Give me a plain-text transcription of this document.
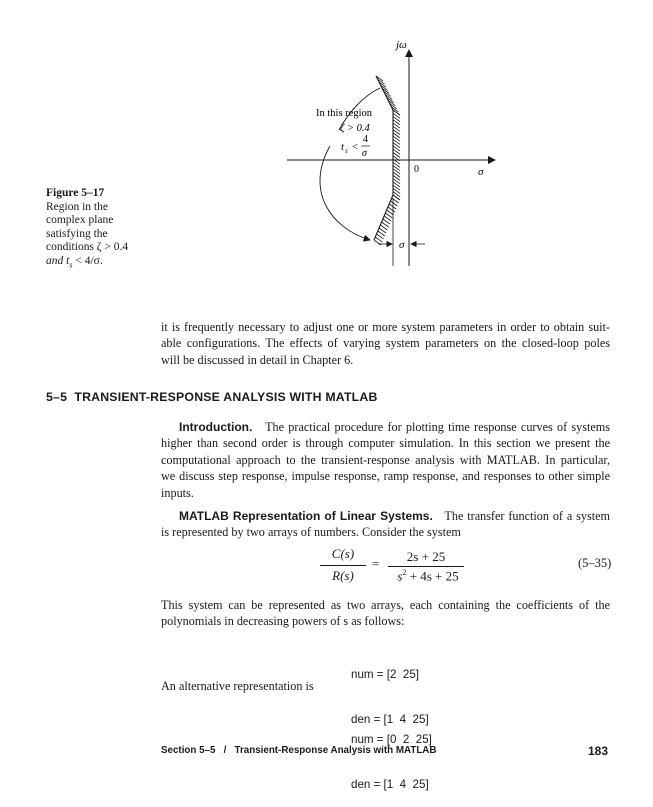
jω
σ
0
In this region
ζ > 0.4
t s <
4
σ
σ
Figure 5–17
Region in the
complex plane
satisfying the
conditions ζ > 0.4
and $t_s < 4/\sigma$.
it is frequently necessary to adjust one or more system parameters in order to obtain suit-
able configurations. The effects of varying system parameters on the closed-loop poles
will be discussed in detail in Chapter 6.
5–5 TRANSIENT-RESPONSE ANALYSIS WITH MATLAB
Introduction. The practical procedure for plotting time response curves of systems
higher than second order is through computer simulation. In this section we present the
computational approach to the transient-response analysis with MATLAB. In particular,
we discuss step response, impulse response, ramp response, and responses to other simple
inputs.
MATLAB Representation of Linear Systems. The transfer function of a system
is represented by two arrays of numbers. Consider the system
C(s)
R(s)
=	2s + 25
$s^2 + 4s + 25$
(5–35)
This system can be represented as two arrays, each containing the coefficients of the
polynomials in decreasing powers of s as follows:

num = [2  25]

den = [1  4  25]

An alternative representation is

num = [0  2  25]

den = [1  4  25]

Section 5–5   /   Transient-Response Analysis with MATLAB	183
